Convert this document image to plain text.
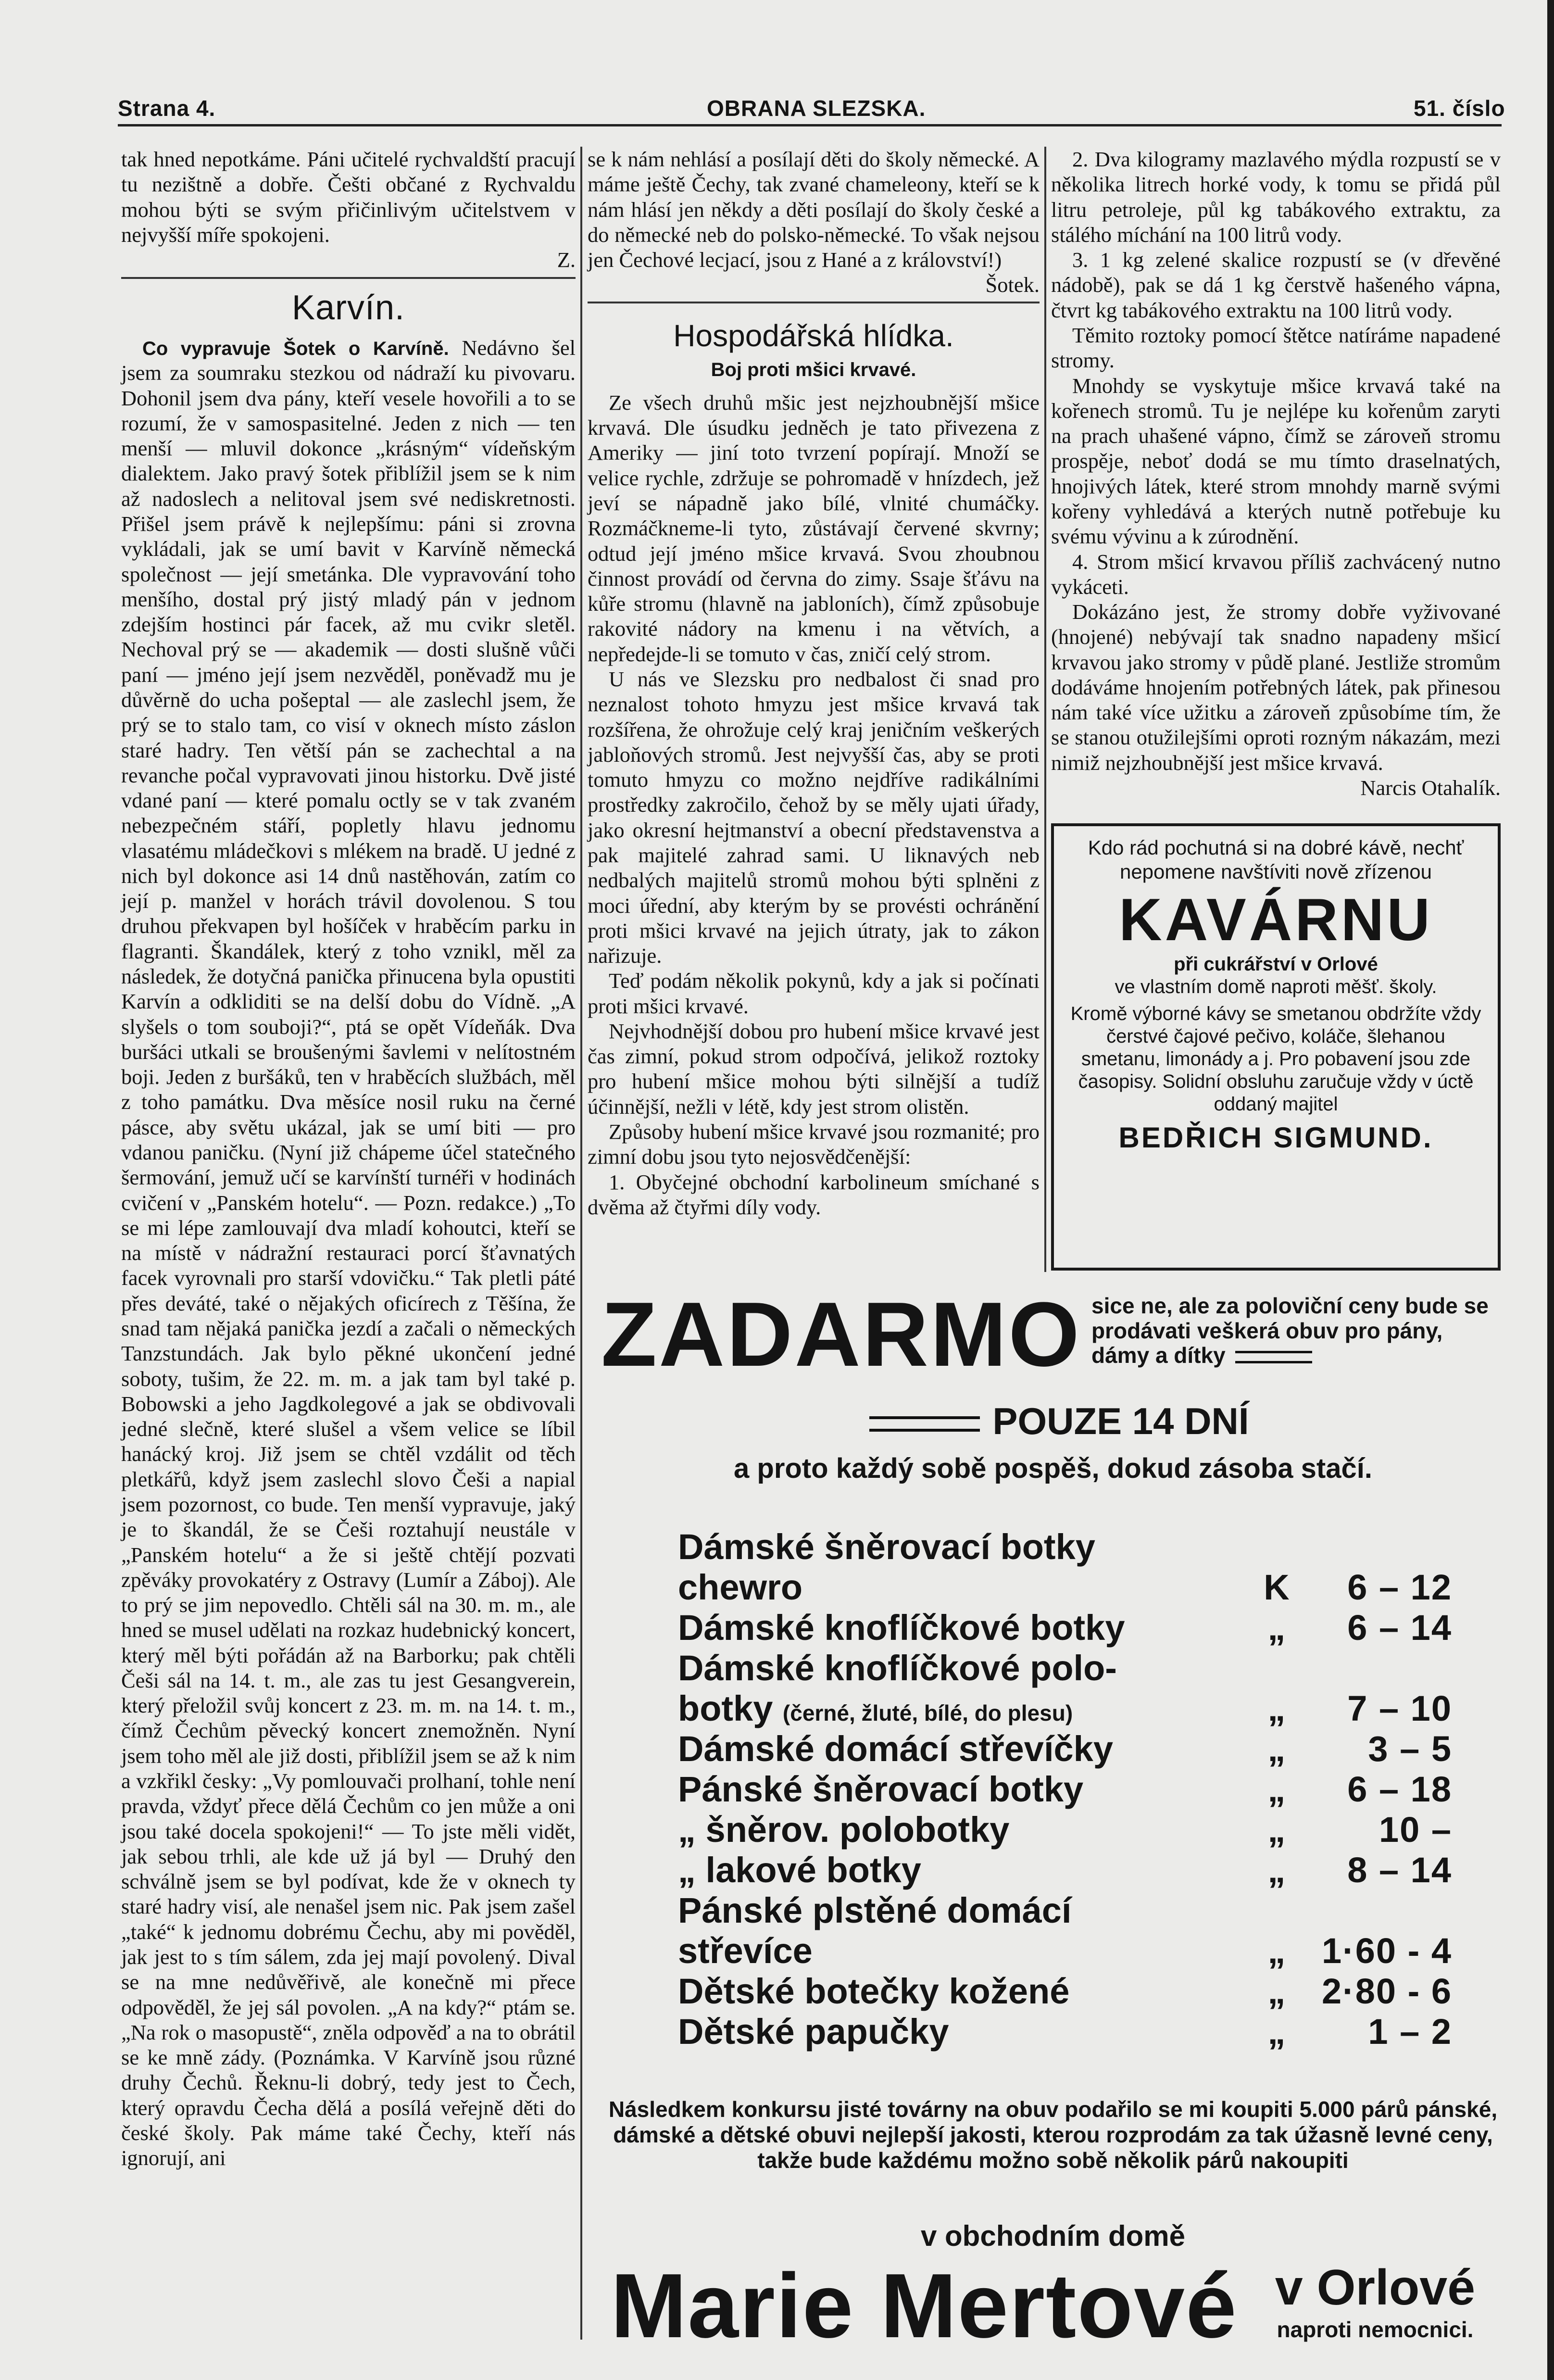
Strana 4.	OBRANA SLEZSKA.	51. číslo

tak hned nepotkáme. Páni učitelé rychvaldští pracují tu nezištně a dobře. Češti občané z Rychvaldu mohou býti se svým přičinlivým učitelstvem v nejvyšší míře spokojeni.

Z.

Karvín.

Co vypravuje Šotek o Karvíně. Nedávno šel jsem za soumraku stezkou od nádraží ku pivovaru. Dohonil jsem dva pány, kteří vesele hovořili a to se rozumí, že v samospasitelné. Jeden z nich — ten menší — mluvil dokonce „krásným“ vídeňským dialektem. Jako pravý šotek přiblížil jsem se k nim až nadoslech a nelitoval jsem své nediskretnosti. Přišel jsem právě k nejlepšímu: páni si zrovna vykládali, jak se umí bavit v Karvíně německá společnost — její smetánka. Dle vypravování toho menšího, dostal prý jistý mladý pán v jednom zdejším hostinci pár facek, až mu cvikr sletěl. Nechoval prý se — akademik — dosti slušně vůči paní — jméno její jsem nezvěděl, poněvadž mu je důvěrně do ucha pošeptal — ale zaslechl jsem, že prý se to stalo tam, co visí v oknech místo záslon staré hadry. Ten větší pán se zachechtal a na revanche počal vypravovati jinou historku. Dvě jisté vdané paní — které pomalu octly se v tak zvaném nebezpečném stáří, popletly hlavu jednomu vlasatému mládečkovi s mlékem na bradě. U jedné z nich byl dokonce asi 14 dnů nastěhován, zatím co její p. manžel v horách trávil dovolenou. S tou druhou překvapen byl hošíček v hraběcím parku in flagranti. Škandálek, který z toho vznikl, měl za následek, že dotyčná panička přinucena byla opustiti Karvín a odkliditi se na delší dobu do Vídně. „A slyšels o tom souboji?“, ptá se opět Vídeňák. Dva buršáci utkali se broušenými šavlemi v nelítostném boji. Jeden z buršáků, ten v hraběcích službách, měl z toho památku. Dva měsíce nosil ruku na černé pásce, aby světu ukázal, jak se umí biti — pro vdanou paničku. (Nyní již chápeme účel statečného šermování, jemuž učí se karvínští turnéři v hodinách cvičení v „Panském hotelu“. — Pozn. redakce.) „To se mi lépe zamlouvají dva mladí kohoutci, kteří se na místě v nádražní restauraci porcí šťavnatých facek vyrovnali pro starší vdovičku.“ Tak pletli páté přes deváté, také o nějakých oficírech z Těšína, že snad tam nějaká panička jezdí a začali o německých Tanzstundách. Jak bylo pěkné ukončení jedné soboty, tušim, že 22. m. m. a jak tam byl také p. Bobowski a jeho Jagdkolegové a jak se obdivovali jedné slečně, které slušel a všem velice se líbil hanácký kroj. Již jsem se chtěl vzdálit od těch pletkářů, když jsem zaslechl slovo Češi a napial jsem pozornost, co bude. Ten menší vypravuje, jaký je to škandál, že se Češi roztahují neustále v „Panském hotelu“ a že si ještě chtějí pozvati zpěváky provokatéry z Ostravy (Lumír a Záboj). Ale to prý se jim nepovedlo. Chtěli sál na 30. m. m., ale hned se musel udělati na rozkaz hudebnický koncert, který měl býti pořádán až na Barborku; pak chtěli Češi sál na 14. t. m., ale zas tu jest Gesangverein, který přeložil svůj koncert z 23. m. m. na 14. t. m., čímž Čechům pěvecký koncert znemožněn. Nyní jsem toho měl ale již dosti, přiblížil jsem se až k nim a vzkřikl česky: „Vy pomlouvači prolhaní, tohle není pravda, vždyť přece dělá Čechům co jen může a oni jsou také docela spokojeni!“ — To jste měli vidět, jak sebou trhli, ale kde už já byl — Druhý den schválně jsem se byl podívat, kde že v oknech ty staré hadry visí, ale nenašel jsem nic. Pak jsem zašel „také“ k jednomu dobrému Čechu, aby mi pověděl, jak jest to s tím sálem, zda jej mají povolený. Dival se na mne nedůvěřivě, ale konečně mi přece odpověděl, že jej sál povolen. „A na kdy?“ ptám se. „Na rok o masopustě“, zněla odpověď a na to obrátil se ke mně zády. (Poznámka. V Karvíně jsou různé druhy Čechů. Řeknu-li dobrý, tedy jest to Čech, který opravdu Čecha dělá a posílá veřejně děti do české školy. Pak máme také Čechy, kteří nás ignorují, ani

se k nám nehlásí a posílají děti do školy německé. A máme ještě Čechy, tak zvané chameleony, kteří se k nám hlásí jen někdy a děti posílají do školy české a do německé neb do polsko-německé. To však nejsou jen Čechové lecjací, jsou z Hané a z království!)

Šotek.

Hospodářská hlídka.
Boj proti mšici krvavé.

Ze všech druhů mšic jest nejzhoubnější mšice krvavá. Dle úsudku jedněch je tato přivezena z Ameriky — jiní toto tvrzení popírají. Množí se velice rychle, zdržuje se pohromadě v hnízdech, jež jeví se nápadně jako bílé, vlnité chumáčky. Rozmáčkneme-li tyto, zůstávají červené skvrny; odtud její jméno mšice krvavá. Svou zhoubnou činnost provádí od června do zimy. Ssaje šťávu na kůře stromu (hlavně na jabloních), čímž způsobuje rakovité nádory na kmenu i na větvích, a nepředejde-li se tomuto v čas, zničí celý strom.

U nás ve Slezsku pro nedbalost či snad pro neznalost tohoto hmyzu jest mšice krvavá tak rozšířena, že ohrožuje celý kraj jeničním veškerých jabloňových stromů. Jest nejvyšší čas, aby se proti tomuto hmyzu co možno nejdříve radikálními prostředky zakročilo, čehož by se měly ujati úřady, jako okresní hejtmanství a obecní představenstva a pak majitelé zahrad sami. U liknavých neb nedbalých majitelů stromů mohou býti splněni z moci úřední, aby kterým by se provésti ochránění proti mšici krvavé na jejich útraty, jak to zákon nařizuje.

Teď podám několik pokynů, kdy a jak si počínati proti mšici krvavé.

Nejvhodnější dobou pro hubení mšice krvavé jest čas zimní, pokud strom odpočívá, jelikož roztoky pro hubení mšice mohou býti silnější a tudíž účinnější, nežli v létě, kdy jest strom olistěn.

Způsoby hubení mšice krvavé jsou rozmanité; pro zimní dobu jsou tyto nejosvědčenější:

1. Obyčejné obchodní karbolineum smíchané s dvěma až čtyřmi díly vody.

2. Dva kilogramy mazlavého mýdla rozpustí se v několika litrech horké vody, k tomu se přidá půl litru petroleje, půl kg tabákového extraktu, za stálého míchání na 100 litrů vody.

3. 1 kg zelené skalice rozpustí se (v dřevěné nádobě), pak se dá 1 kg čerstvě hašeného vápna, čtvrt kg tabákového extraktu na 100 litrů vody.

Těmito roztoky pomocí štětce natíráme napadené stromy.

Mnohdy se vyskytuje mšice krvavá také na kořenech stromů. Tu je nejlépe ku kořenům zaryti na prach uhašené vápno, čímž se zároveň stromu prospěje, neboť dodá se mu tímto draselnatých, hnojivých látek, které strom mnohdy marně svými kořeny vyhledává a kterých nutně potřebuje ku svému vývinu a k zúrodnění.

4. Strom mšicí krvavou příliš zachvácený nutno vykáceti.

Dokázáno jest, že stromy dobře vyživované (hnojené) nebývají tak snadno napadeny mšicí krvavou jako stromy v půdě plané. Jestliže stromům dodáváme hnojením potřebných látek, pak přinesou nám také více užitku a zároveň způsobíme tím, že se stanou otužilejšími oproti rozným nákazám, mezi nimiž nejzhoubnější jest mšice krvavá.

Narcis Otahalík.

Kdo rád pochutná si na dobré kávě, nechť nepomene navštíviti nově zřízenou
KAVÁRNU
při cukrářství v Orlové
ve vlastním domě naproti měšť. školy.
Kromě výborné kávy se smetanou obdržíte vždy čerstvé čajové pečivo, koláče, šlehanou smetanu, limonády a j. Pro pobavení jsou zde časopisy. Solidní obsluhu zaručuje vždy v úctě oddaný majitel
BEDŘICH SIGMUND.
ZADARMO sice ne, ale za poloviční ceny bude se prodávati veškerá obuv pro pány, dámy a dítky
POUZE 14 DNÍ
a proto každý sobě pospěš, dokud zásoba stačí.
Dámské šněrovací botky
chewro	K	6 – 12
Dámské knoflíčkové botky	„	6 – 14
Dámské knoflíčkové polo-
botky (černé, žluté, bílé, do plesu)	„	7 – 10
Dámské domácí střevíčky	„	3 – 5
Pánské šněrovací botky	„	6 – 18
„ šněrov. polobotky	„	10 –
„ lakové botky	„	8 – 14
Pánské plstěné domácí
střevíce	„	1·60 - 4
Dětské botečky kožené	„	2·80 - 6
Dětské papučky	„	1 – 2
Následkem konkursu jisté továrny na obuv podařilo se mi koupiti 5.000 párů pánské, dámské a dětské obuvi nejlepší jakosti, kterou rozprodám za tak úžasně levné ceny, takže bude každému možno sobě několik párů nakoupiti
v obchodním domě
Marie Mertové v Orlové
naproti nemocnici.
